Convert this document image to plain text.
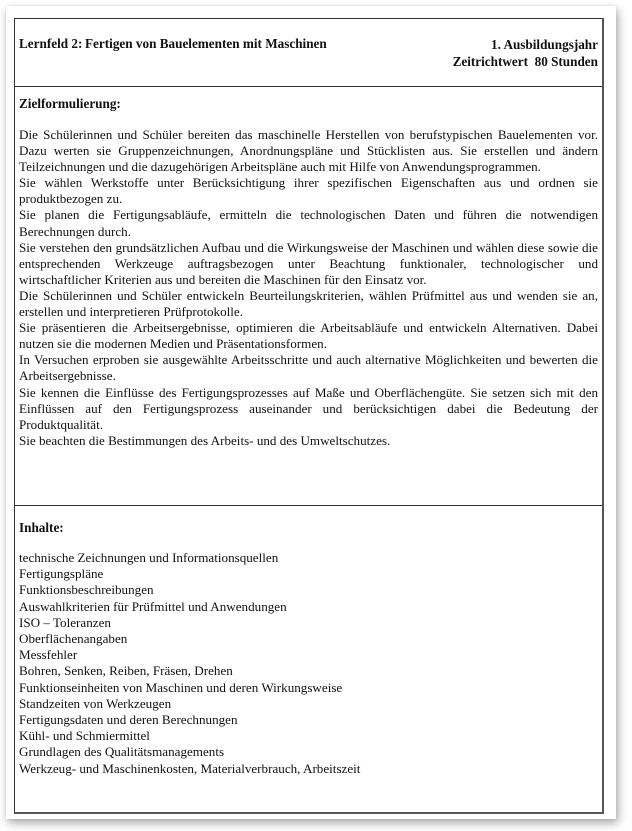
Lernfeld 2: Fertigen von Bauelementen mit Maschinen	1. Ausbildungsjahr
Zeitrichtwert  80 Stunden
Zielformulierung:

Die Schülerinnen und Schüler bereiten das maschinelle Herstellen von berufstypischen Bauelementen vor. Dazu werten sie Gruppenzeichnungen, Anordnungspläne und Stücklisten aus. Sie erstellen und ändern Teilzeichnungen und die dazugehörigen Arbeitspläne auch mit Hilfe von Anwendungsprogrammen.

Sie wählen Werkstoffe unter Berücksichtigung ihrer spezifischen Eigenschaften aus und ordnen sie produktbezogen zu.

Sie planen die Fertigungsabläufe, ermitteln die technologischen Daten und führen die notwendigen Berechnungen durch.

Sie verstehen den grundsätzlichen Aufbau und die Wirkungsweise der Maschinen und wählen diese sowie die entsprechenden Werkzeuge auftragsbezogen unter Beachtung funktionaler, technologischer und wirtschaftlicher Kriterien aus und bereiten die Maschinen für den Einsatz vor.

Die Schülerinnen und Schüler entwickeln Beurteilungskriterien, wählen Prüfmittel aus und wenden sie an, erstellen und interpretieren Prüfprotokolle.

Sie präsentieren die Arbeitsergebnisse, optimieren die Arbeitsabläufe und entwickeln Alternativen. Dabei nutzen sie die modernen Medien und Präsentationsformen.

In Versuchen erproben sie ausgewählte Arbeitsschritte und auch alternative Möglichkeiten und bewerten die Arbeitsergebnisse.

Sie kennen die Einflüsse des Fertigungsprozesses auf Maße und Oberflächengüte. Sie setzen sich mit den Einflüssen auf den Fertigungsprozess auseinander und berücksichtigen dabei die Bedeutung der Produktqualität.

Sie beachten die Bestimmungen des Arbeits- und des Umweltschutzes.

Inhalte:
technische Zeichnungen und Informationsquellen
Fertigungspläne
Funktionsbeschreibungen
Auswahlkriterien für Prüfmittel und Anwendungen
ISO – Toleranzen
Oberflächenangaben
Messfehler
Bohren, Senken, Reiben, Fräsen, Drehen
Funktionseinheiten von Maschinen und deren Wirkungsweise
Standzeiten von Werkzeugen
Fertigungsdaten und deren Berechnungen
Kühl- und Schmiermittel
Grundlagen des Qualitätsmanagements
Werkzeug- und Maschinenkosten, Materialverbrauch, Arbeitszeit
